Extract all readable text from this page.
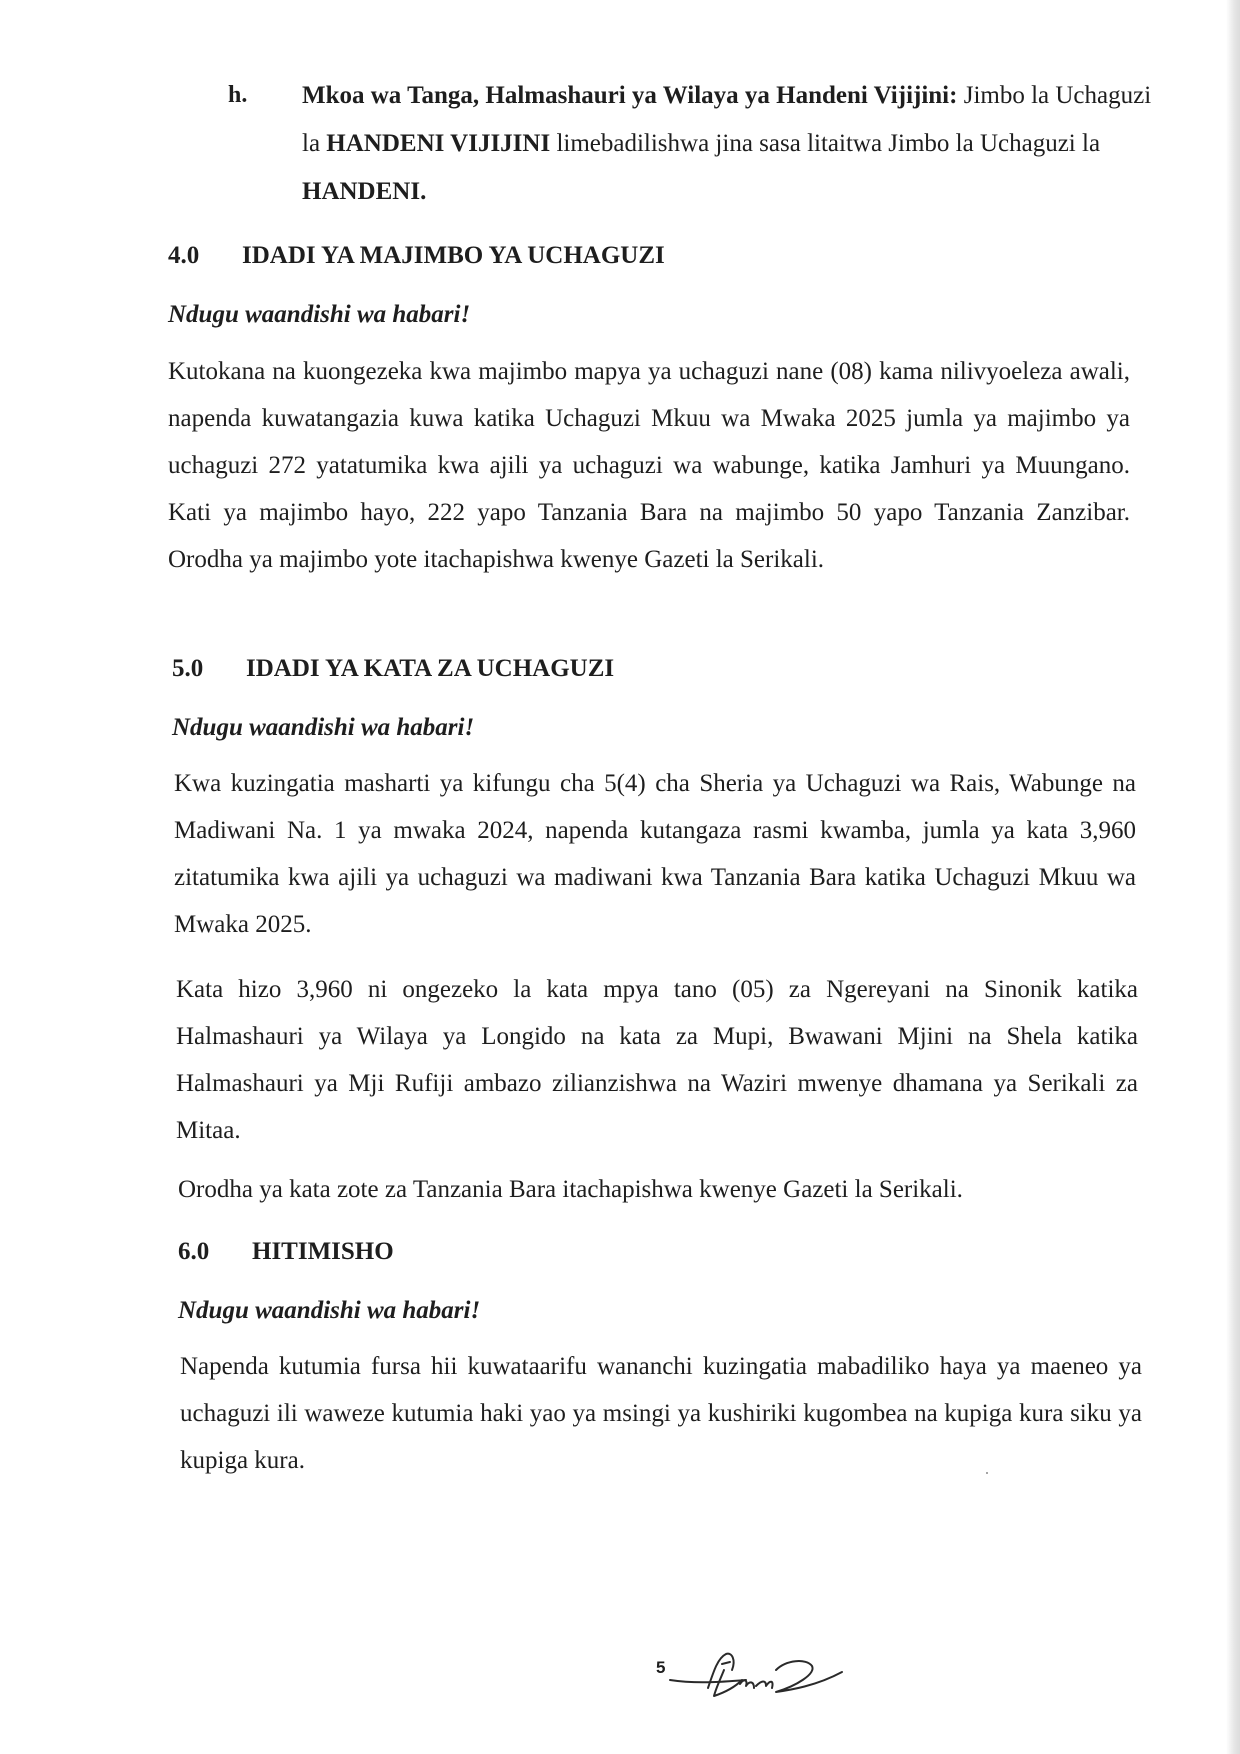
h. Mkoa wa Tanga, Halmashauri ya Wilaya ya Handeni Vijijini: Jimbo la Uchaguzi la HANDENI VIJIJINI limebadilishwa jina sasa litaitwa Jimbo la Uchaguzi la HANDENI.
4.0 IDADI YA MAJIMBO YA UCHAGUZI
Ndugu waandishi wa habari!

Kutokana na kuongezeka kwa majimbo mapya ya uchaguzi nane (08) kama nilivyoeleza awali, napenda kuwatangazia kuwa katika Uchaguzi Mkuu wa Mwaka 2025 jumla ya majimbo ya uchaguzi 272 yatatumika kwa ajili ya uchaguzi wa wabunge, katika Jamhuri ya Muungano. Kati ya majimbo hayo, 222 yapo Tanzania Bara na majimbo 50 yapo Tanzania Zanzibar. Orodha ya majimbo yote itachapishwa kwenye Gazeti la Serikali.

5.0 IDADI YA KATA ZA UCHAGUZI
Ndugu waandishi wa habari!

Kwa kuzingatia masharti ya kifungu cha 5(4) cha Sheria ya Uchaguzi wa Rais, Wabunge na Madiwani Na. 1 ya mwaka 2024, napenda kutangaza rasmi kwamba, jumla ya kata 3,960 zitatumika kwa ajili ya uchaguzi wa madiwani kwa Tanzania Bara katika Uchaguzi Mkuu wa Mwaka 2025.

Kata hizo 3,960 ni ongezeko la kata mpya tano (05) za Ngereyani na Sinonik katika Halmashauri ya Wilaya ya Longido na kata za Mupi, Bwawani Mjini na Shela katika Halmashauri ya Mji Rufiji ambazo zilianzishwa na Waziri mwenye dhamana ya Serikali za Mitaa.

Orodha ya kata zote za Tanzania Bara itachapishwa kwenye Gazeti la Serikali.

6.0 HITIMISHO
Ndugu waandishi wa habari!

Napenda kutumia fursa hii kuwataarifu wananchi kuzingatia mabadiliko haya ya maeneo ya uchaguzi ili waweze kutumia haki yao ya msingi ya kushiriki kugombea na kupiga kura siku ya kupiga kura.

5
